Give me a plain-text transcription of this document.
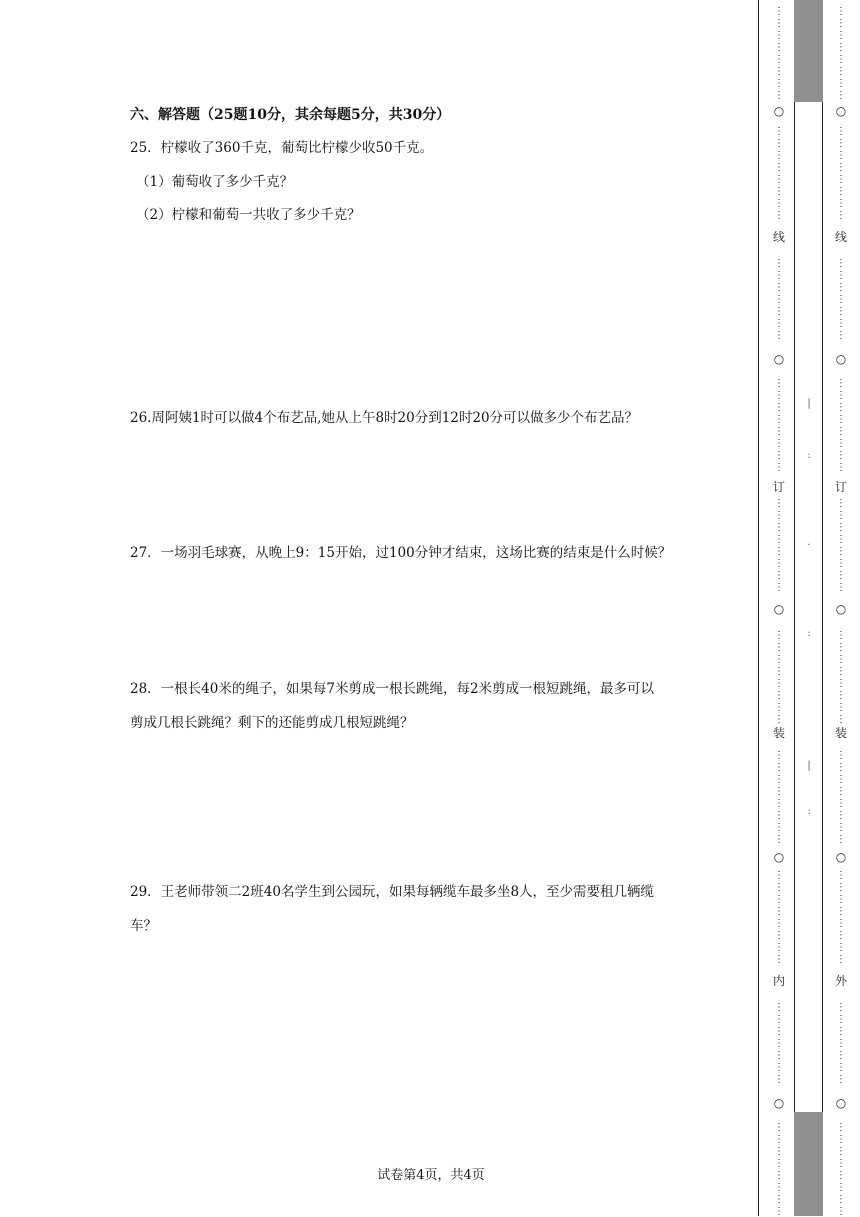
六、解答题（25题10分，其余每题5分，共30分）
25．柠檬收了360千克，葡萄比柠檬少收50千克。
（1）葡萄收了多少千克？
（2）柠檬和葡萄一共收了多少千克？
26.周阿姨1时可以做4个布艺品,她从上午8时20分到12时20分可以做多少个布艺品？
27．一场羽毛球赛，从晚上9：15开始，过100分钟才结束，这场比赛的结束是什么时候？
28．一根长40米的绳子，如果每7米剪成一根长跳绳，每2米剪成一根短跳绳，最多可以
剪成几根长跳绳？剩下的还能剪成几根短跳绳？
29．王老师带领二2班40名学生到公园玩，如果每辆缆车最多坐8人，至少需要租几辆缆
车？
试卷第4页，共4页
⋮
⋮
⋮
⋮
⋮
⋮
⋮
⋮
⋮
⋮
⋮
⋮
⋮
⋮
⋮
⋮
⋮
⋮
⋮
⋮
⋮
⋮
⋮
⋮
⋮
⋮
⋮
⋮
⋮
⋮
⋮
⋮
⋮
⋮
⋮
⋮
⋮
⋮
⋮
⋮
⋮
⋮
⋮
⋮
⋮
⋮
⋮
⋮
⋮
⋮
⋮
⋮
⋮
⋮
⋮
⋮
⋮
⋮
⋮
⋮
⋮
⋮
⋮
⋮
⋮
⋮
⋮
⋮
⋮
⋮
⋮
⋮
⋮
⋮
⋮
⋮
⋮
⋮
○
线
○
订
○
装
○
内
○
|
:
·
:
|
:
⋮
⋮
⋮
⋮
⋮
⋮
⋮
⋮
⋮
⋮
⋮
⋮
⋮
⋮
⋮
⋮
⋮
⋮
⋮
⋮
⋮
⋮
⋮
⋮
⋮
⋮
⋮
⋮
⋮
⋮
⋮
⋮
⋮
⋮
⋮
⋮
⋮
⋮
⋮
⋮
⋮
⋮
⋮
⋮
⋮
⋮
⋮
⋮
⋮
⋮
⋮
⋮
⋮
⋮
⋮
⋮
⋮
⋮
⋮
⋮
⋮
⋮
⋮
⋮
⋮
⋮
⋮
⋮
⋮
⋮
⋮
⋮
⋮
⋮
⋮
⋮
⋮
⋮
○
线
○
订
○
装
○
外
○
